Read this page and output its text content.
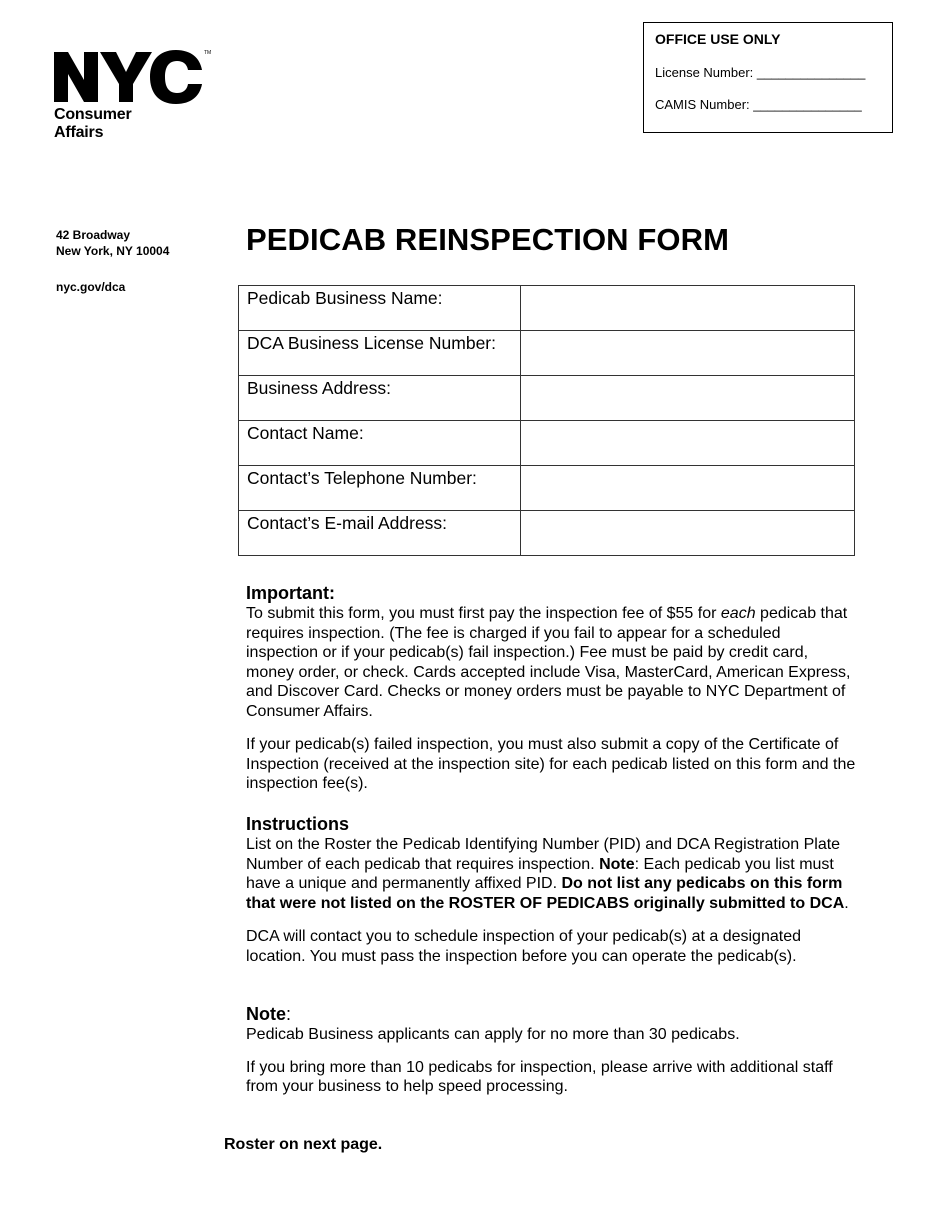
TM
Consumer
Affairs
OFFICE USE ONLY
License Number: _______________
CAMIS Number: _______________
42 Broadway
New York, NY 10004
nyc.gov/dca
PEDICAB REINSPECTION FORM
Pedicab Business Name:	
DCA Business License Number:	
Business Address:	
Contact Name:	
Contact’s Telephone Number:	
Contact’s E-mail Address:	
Important:

To submit this form, you must first pay the inspection fee of $55 for each pedicab that requires inspection. (The fee is charged if you fail to appear for a scheduled inspection or if your pedicab(s) fail inspection.) Fee must be paid by credit card, money order, or check. Cards accepted include Visa, MasterCard, American Express, and Discover Card. Checks or money orders must be payable to NYC Department of Consumer Affairs.

If your pedicab(s) failed inspection, you must also submit a copy of the Certificate of Inspection (received at the inspection site) for each pedicab listed on this form and the inspection fee(s).

Instructions

List on the Roster the Pedicab Identifying Number (PID) and DCA Registration Plate Number of each pedicab that requires inspection. Note: Each pedicab you list must have a unique and permanently affixed PID. Do not list any pedicabs on this form that were not listed on the ROSTER OF PEDICABS originally submitted to DCA.

DCA will contact you to schedule inspection of your pedicab(s) at a designated location. You must pass the inspection before you can operate the pedicab(s).

Note:

Pedicab Business applicants can apply for no more than 30 pedicabs.

If you bring more than 10 pedicabs for inspection, please arrive with additional staff from your business to help speed processing.

Roster on next page.
